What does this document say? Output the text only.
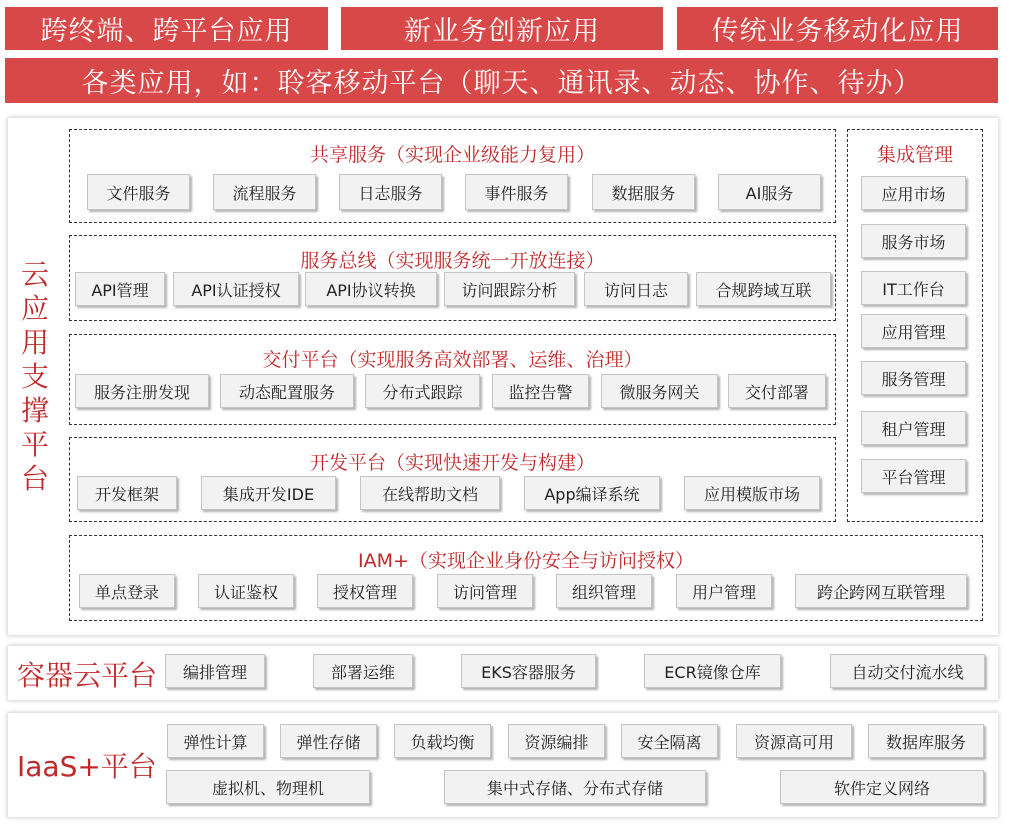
跨终端、跨平台应用	新业务创新应用	传统业务移动化应用
各类应用，如：聆客移动平台（聊天、通讯录、动态、协作、待办）
云
应
用
支
撑
平
台
共享服务（实现企业级能力复用）
文件服务	流程服务	日志服务	事件服务	数据服务	AI服务
服务总线（实现服务统一开放连接）
API管理	API认证授权	API协议转换	访问跟踪分析	访问日志	合规跨域互联
交付平台（实现服务高效部署、运维、治理）
服务注册发现	动态配置服务	分布式跟踪	监控告警	微服务网关	交付部署
开发平台（实现快速开发与构建）
开发框架	集成开发IDE	在线帮助文档	App编译系统	应用模版市场
集成管理
应用市场
服务市场
IT工作台
应用管理
服务管理
租户管理
平台管理
IAM+（实现企业身份安全与访问授权）
单点登录	认证鉴权	授权管理	访问管理	组织管理	用户管理	跨企跨网互联管理
容器云平台	编排管理	部署运维	EKS容器服务	ECR镜像仓库	自动交付流水线
IaaS+平台
弹性计算	弹性存储	负载均衡	资源编排	安全隔离	资源高可用	数据库服务
虚拟机、物理机	集中式存储、分布式存储	软件定义网络
